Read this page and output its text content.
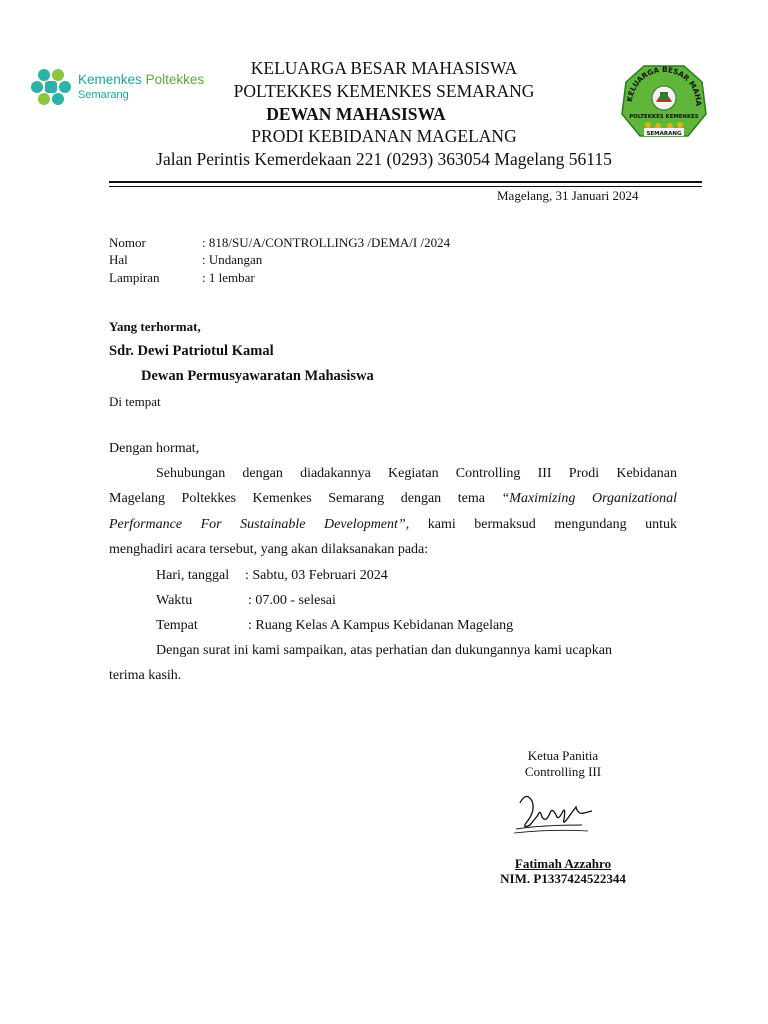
Kemenkes Poltekkes
Semarang	KELUARGA BESAR MAHA
POLTEKKES KEMENKES
SEMARANG
KELUARGA BESAR MAHASISWA
POLTEKKES KEMENKES SEMARANG
DEWAN MAHASISWA
PRODI KEBIDANAN MAGELANG
Jalan Perintis Kemerdekaan 221 (0293) 363054 Magelang 56115
Magelang, 31 Januari 2024
Nomor	: 818/SU/A/CONTROLLING3 /DEMA/I /2024
Hal	: Undangan
Lampiran	: 1 lembar
Yang terhormat,
Sdr. Dewi Patriotul Kamal
Dewan Permusyawaratan Mahasiswa
Di tempat
Dengan hormat,
Sehubungan dengan diadakannya Kegiatan Controlling III Prodi Kebidanan
Magelang Poltekkes Kemenkes Semarang dengan tema “Maximizing Organizational
Performance For Sustainable Development”, kami bermaksud mengundang untuk
menghadiri acara tersebut, yang akan dilaksanakan pada:
Hari, tanggal : Sabtu, 03 Februari 2024
Waktu	: 07.00 - selesai
Tempat	: Ruang Kelas A Kampus Kebidanan Magelang
Dengan surat ini kami sampaikan, atas perhatian dan dukungannya kami ucapkan
terima kasih.
Ketua Panitia
Controlling III
Fatimah Azzahro
NIM. P1337424522344
